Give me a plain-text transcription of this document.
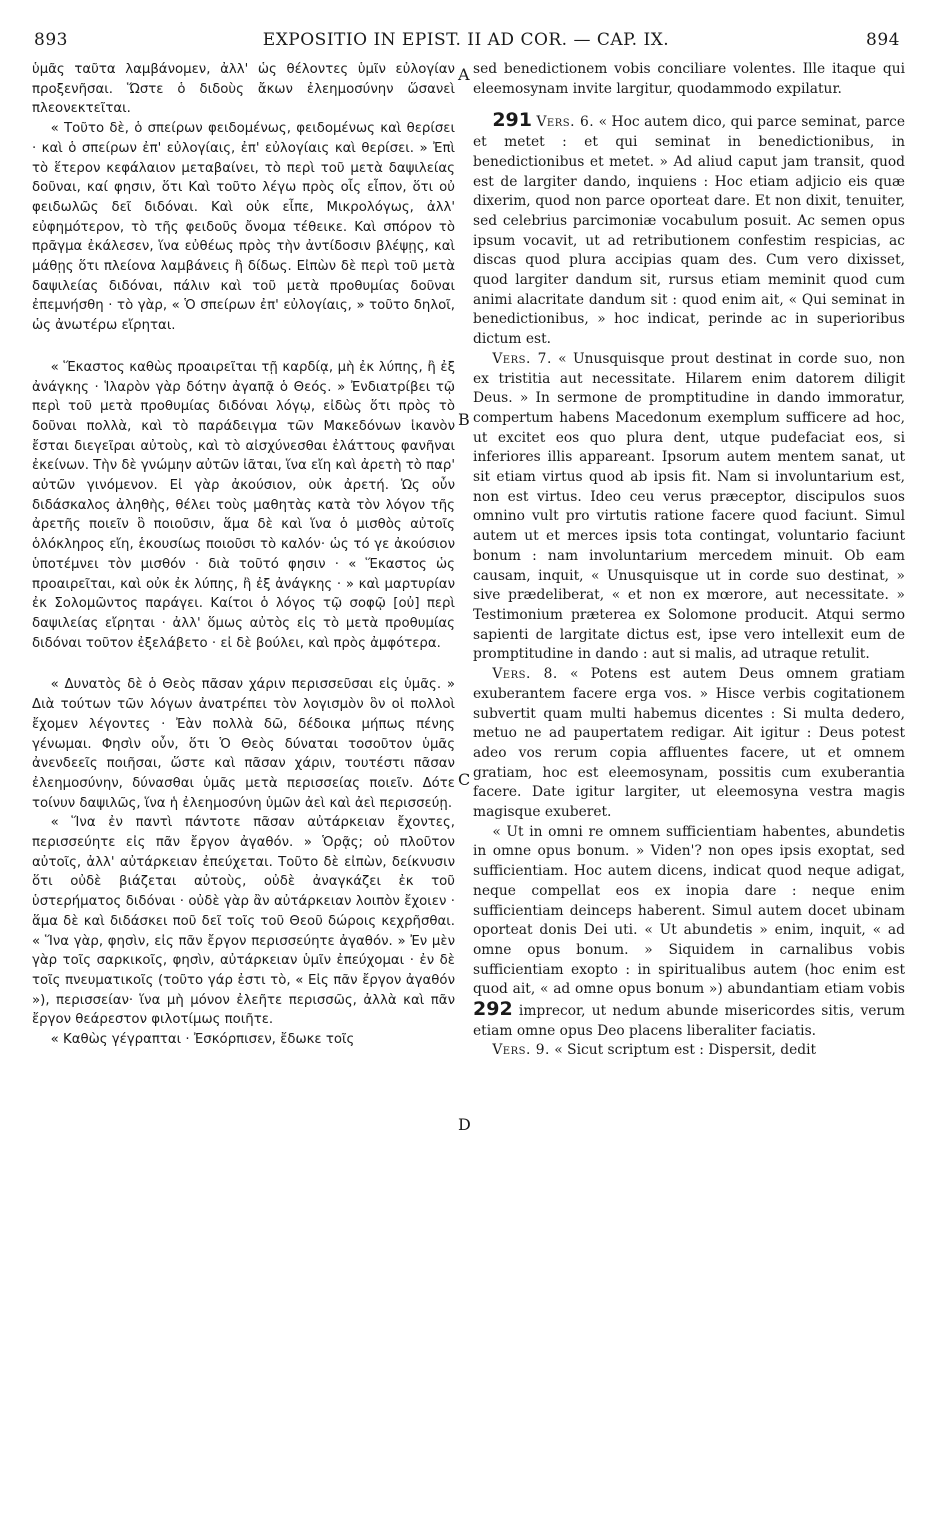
893	EXPOSITIO IN EPIST. II AD COR. — CAP. IX.	894
A
B
C
D

ὑμᾶς ταῦτα λαμβάνομεν, ἀλλ' ὡς θέλοντες ὑμῖν εὐλογίαν προξενῆσαι. Ὥστε ὁ διδοὺς ἄκων ἐλεημοσύνην ὥσανεὶ πλεονεκτεῖται.

« Τοῦτο δὲ, ὁ σπείρων φειδομένως, φειδομένως καὶ θερίσει · καὶ ὁ σπείρων ἐπ' εὐλογίαις, ἐπ' εὐλογίαις καὶ θερίσει. » Ἐπὶ τὸ ἕτερον κεφάλαιον μεταβαίνει, τὸ περὶ τοῦ μετὰ δαψιλείας δοῦναι, καί φησιν, ὅτι Καὶ τοῦτο λέγω πρὸς οἷς εἶπον, ὅτι οὐ φειδωλῶς δεῖ διδόναι. Καὶ οὐκ εἶπε, Μικρολόγως, ἀλλ' εὐφημότερον, τὸ τῆς φειδοῦς ὄνομα τέθεικε. Καὶ σπόρον τὸ πρᾶγμα ἐκάλεσεν, ἵνα εὐθέως πρὸς τὴν ἀντίδοσιν βλέψῃς, καὶ μάθῃς ὅτι πλείονα λαμβάνεις ἢ δίδως. Εἰπὼν δὲ περὶ τοῦ μετὰ δαψιλείας διδόναι, πάλιν καὶ τοῦ μετὰ προθυμίας δοῦναι ἐπεμνήσθη · τὸ γὰρ, « Ὁ σπείρων ἐπ' εὐλογίαις, » τοῦτο δηλοῖ, ὡς ἀνωτέρω εἴρηται.

« Ἕκαστος καθὼς προαιρεῖται τῇ καρδίᾳ, μὴ ἐκ λύπης, ἢ ἐξ ἀνάγκης · Ἱλαρὸν γὰρ δότην ἀγαπᾷ ὁ Θεός. » Ἐνδιατρίβει τῷ περὶ τοῦ μετὰ προθυμίας διδόναι λόγῳ, εἰδὼς ὅτι πρὸς τὸ δοῦναι πολλὰ, καὶ τὸ παράδειγμα τῶν Μακεδόνων ἱκανὸν ἔσται διεγεῖραι αὐτοὺς, καὶ τὸ αἰσχύνεσθαι ἐλάττους φανῆναι ἐκείνων. Τὴν δὲ γνώμην αὐτῶν ἰᾶται, ἵνα εἴη καὶ ἀρετὴ τὸ παρ' αὐτῶν γινόμενον. Εἰ γὰρ ἀκούσιον, οὐκ ἀρετή. Ὡς οὖν διδάσκαλος ἀληθὴς, θέλει τοὺς μαθητὰς κατὰ τὸν λόγον τῆς ἀρετῆς ποιεῖν ὃ ποιοῦσιν, ἅμα δὲ καὶ ἵνα ὁ μισθὸς αὐτοῖς ὁλόκληρος εἴη, ἑκουσίως ποιοῦσι τὸ καλόν· ὡς τό γε ἀκούσιον ὑποτέμνει τὸν μισθόν · διὰ τοῦτό φησιν · « Ἕκαστος ὡς προαιρεῖται, καὶ οὐκ ἐκ λύπης, ἢ ἐξ ἀνάγκης · » καὶ μαρτυρίαν ἐκ Σολομῶντος παράγει. Καίτοι ὁ λόγος τῷ σοφῷ [οὐ] περὶ δαψιλείας εἴρηται · ἀλλ' ὅμως αὐτὸς εἰς τὸ μετὰ προθυμίας διδόναι τοῦτον ἐξελάβετο · εἰ δὲ βούλει, καὶ πρὸς ἀμφότερα.

« Δυνατὸς δὲ ὁ Θεὸς πᾶσαν χάριν περισσεῦσαι εἰς ὑμᾶς. » Διὰ τούτων τῶν λόγων ἀνατρέπει τὸν λογισμὸν ὃν οἱ πολλοὶ ἔχομεν λέγοντες · Ἐὰν πολλὰ δῶ, δέδοικα μήπως πένης γένωμαι. Φησὶν οὖν, ὅτι Ὁ Θεὸς δύναται τοσοῦτον ὑμᾶς ἀνενδεεῖς ποιῆσαι, ὥστε καὶ πᾶσαν χάριν, τουτέστι πᾶσαν ἐλεημοσύνην, δύνασθαι ὑμᾶς μετὰ περισσείας ποιεῖν. Δότε τοίνυν δαψιλῶς, ἵνα ἡ ἐλεημοσύνη ὑμῶν ἀεὶ καὶ ἀεὶ περισσεύῃ.

« Ἵνα ἐν παντὶ πάντοτε πᾶσαν αὐτάρκειαν ἔχοντες, περισσεύητε εἰς πᾶν ἔργον ἀγαθόν. » Ὁρᾷς; οὐ πλοῦτον αὐτοῖς, ἀλλ' αὐτάρκειαν ἐπεύχεται. Τοῦτο δὲ εἰπὼν, δείκνυσιν ὅτι οὐδὲ βιάζεται αὐτοὺς, οὐδὲ ἀναγκάζει ἐκ τοῦ ὑστερήματος διδόναι · οὐδὲ γὰρ ἂν αὐτάρκειαν λοιπὸν ἔχοιεν · ἅμα δὲ καὶ διδάσκει ποῦ δεῖ τοῖς τοῦ Θεοῦ δώροις κεχρῆσθαι. « Ἵνα γὰρ, φησὶν, εἰς πᾶν ἔργον περισσεύητε ἀγαθόν. » Ἐν μὲν γὰρ τοῖς σαρκικοῖς, φησὶν, αὐτάρκειαν ὑμῖν ἐπεύχομαι · ἐν δὲ τοῖς πνευματικοῖς (τοῦτο γάρ ἐστι τὸ, « Εἰς πᾶν ἔργον ἀγαθόν »), περισσείαν· ἵνα μὴ μόνον ἐλεῆτε περισσῶς, ἀλλὰ καὶ πᾶν ἔργον θεάρεστον φιλοτίμως ποιῆτε.

« Καθὼς γέγραπται · Ἐσκόρπισεν, ἔδωκε τοῖς

sed benedictionem vobis conciliare volentes. Ille itaque qui eleemosynam invite largitur, quodammodo expilatur.

291 Vers. 6. « Hoc autem dico, qui parce seminat, parce et metet : et qui seminat in benedictionibus, in benedictionibus et metet. » Ad aliud caput jam transit, quod est de largiter dando, inquiens : Hoc etiam adjicio eis quæ dixerim, quod non parce oporteat dare. Et non dixit, tenuiter, sed celebrius parcimoniæ vocabulum posuit. Ac semen opus ipsum vocavit, ut ad retributionem confestim respicias, ac discas quod plura accipias quam des. Cum vero dixisset, quod largiter dandum sit, rursus etiam meminit quod cum animi alacritate dandum sit : quod enim ait, « Qui seminat in benedictionibus, » hoc indicat, perinde ac in superioribus dictum est.

Vers. 7. « Unusquisque prout destinat in corde suo, non ex tristitia aut necessitate. Hilarem enim datorem diligit Deus. » In sermone de promptitudine in dando immoratur, compertum habens Macedonum exemplum sufficere ad hoc, ut excitet eos quo plura dent, utque pudefaciat eos, si inferiores illis appareant. Ipsorum autem mentem sanat, ut sit etiam virtus quod ab ipsis fit. Nam si involuntarium est, non est virtus. Ideo ceu verus præceptor, discipulos suos omnino vult pro virtutis ratione facere quod faciunt. Simul autem ut et merces ipsis tota contingat, voluntario faciunt bonum : nam involuntarium mercedem minuit. Ob eam causam, inquit, « Unusquisque ut in corde suo destinat, » sive prædeliberat, « et non ex mœrore, aut necessitate. » Testimonium præterea ex Solomone producit. Atqui sermo sapienti de largitate dictus est, ipse vero intellexit eum de promptitudine in dando : aut si malis, ad utraque retulit.

Vers. 8. « Potens est autem Deus omnem gratiam exuberantem facere erga vos. » Hisce verbis cogitationem subvertit quam multi habemus dicentes : Si multa dedero, metuo ne ad paupertatem redigar. Ait igitur : Deus potest adeo vos rerum copia affluentes facere, ut et omnem gratiam, hoc est eleemosynam, possitis cum exuberantia facere. Date igitur largiter, ut eleemosyna vestra magis magisque exuberet.

« Ut in omni re omnem sufficientiam habentes, abundetis in omne opus bonum. » Viden'? non opes ipsis exoptat, sed sufficientiam. Hoc autem dicens, indicat quod neque adigat, neque compellat eos ex inopia dare : neque enim sufficientiam deinceps haberent. Simul autem docet ubinam oporteat donis Dei uti. « Ut abundetis » enim, inquit, « ad omne opus bonum. » Siquidem in carnalibus vobis sufficientiam exopto : in spiritualibus autem (hoc enim est quod ait, « ad omne opus bonum ») abundantiam etiam vobis 292 imprecor, ut nedum abunde misericordes sitis, verum etiam omne opus Deo placens liberaliter faciatis.

Vers. 9. « Sicut scriptum est : Dispersit, dedit
